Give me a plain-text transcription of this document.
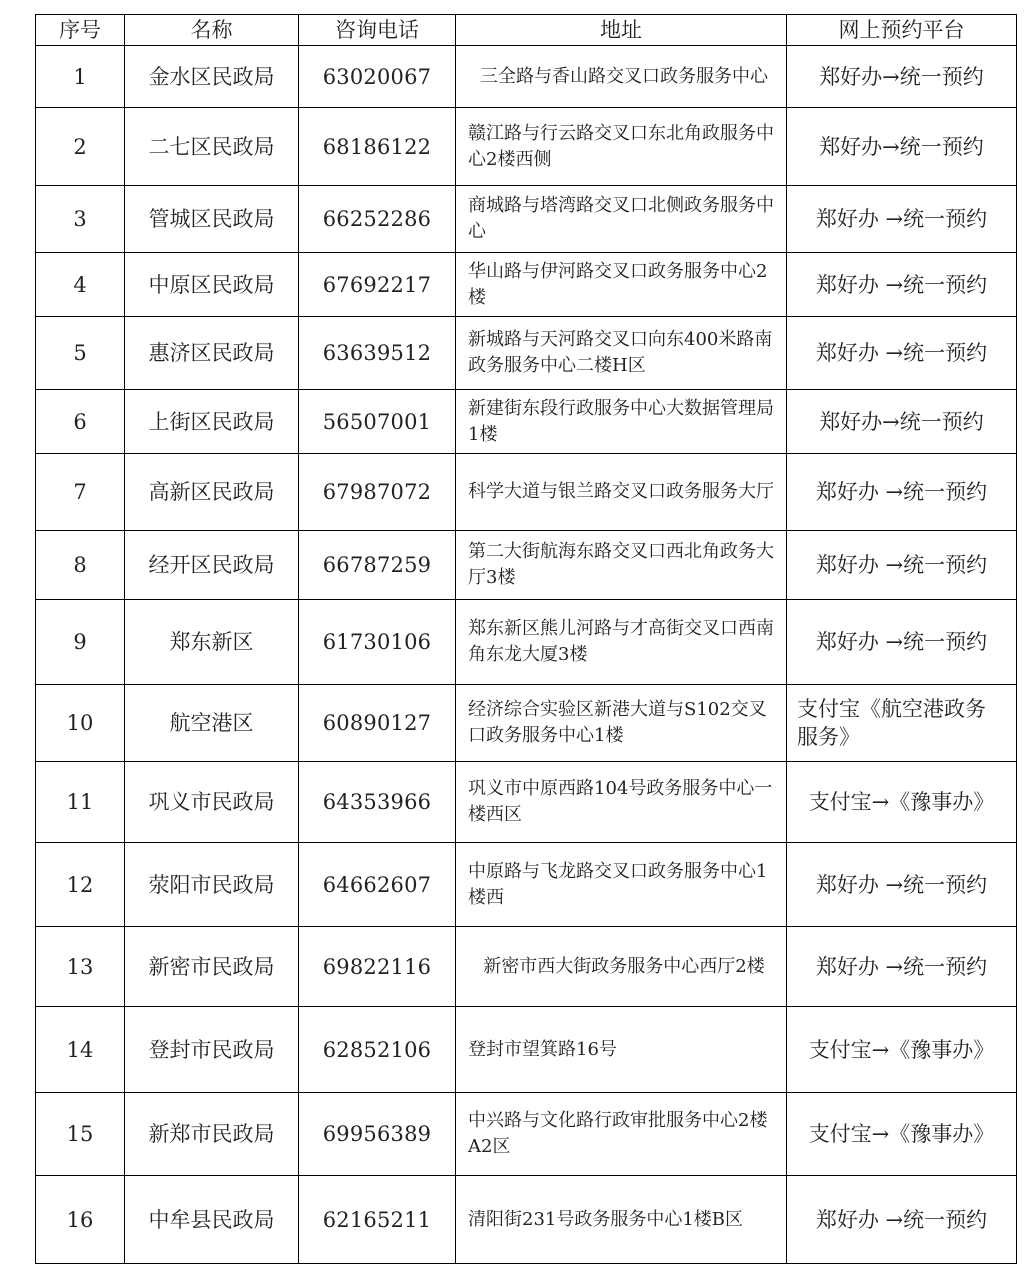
序号	名称	咨询电话	地址	网上预约平台
1	金水区民政局	63020067	三全路与香山路交叉口政务服务中心	郑好办→统一预约
2	二七区民政局	68186122	赣江路与行云路交叉口东北角政服务中心2楼西侧	郑好办→统一预约
3	管城区民政局	66252286	商城路与塔湾路交叉口北侧政务服务中心	郑好办 →统一预约
4	中原区民政局	67692217	华山路与伊河路交叉口政务服务中心2楼	郑好办 →统一预约
5	惠济区民政局	63639512	新城路与天河路交叉口向东400米路南政务服务中心二楼H区	郑好办 →统一预约
6	上街区民政局	56507001	新建街东段行政服务中心大数据管理局1楼	郑好办→统一预约
7	高新区民政局	67987072	科学大道与银兰路交叉口政务服务大厅	郑好办 →统一预约
8	经开区民政局	66787259	第二大街航海东路交叉口西北角政务大厅3楼	郑好办 →统一预约
9	郑东新区	61730106	郑东新区熊儿河路与才高街交叉口西南角东龙大厦3楼	郑好办 →统一预约
10	航空港区	60890127	经济综合实验区新港大道与S102交叉口政务服务中心1楼	支付宝《航空港政务服务》
11	巩义市民政局	64353966	巩义市中原西路104号政务服务中心一楼西区	支付宝→《豫事办》
12	荥阳市民政局	64662607	中原路与飞龙路交叉口政务服务中心1楼西	郑好办 →统一预约
13	新密市民政局	69822116	新密市西大街政务服务中心西厅2楼	郑好办 →统一预约
14	登封市民政局	62852106	登封市望箕路16号	支付宝→《豫事办》
15	新郑市民政局	69956389	中兴路与文化路行政审批服务中心2楼A2区	支付宝→《豫事办》
16	中牟县民政局	62165211	清阳街231号政务服务中心1楼B区	郑好办 →统一预约
